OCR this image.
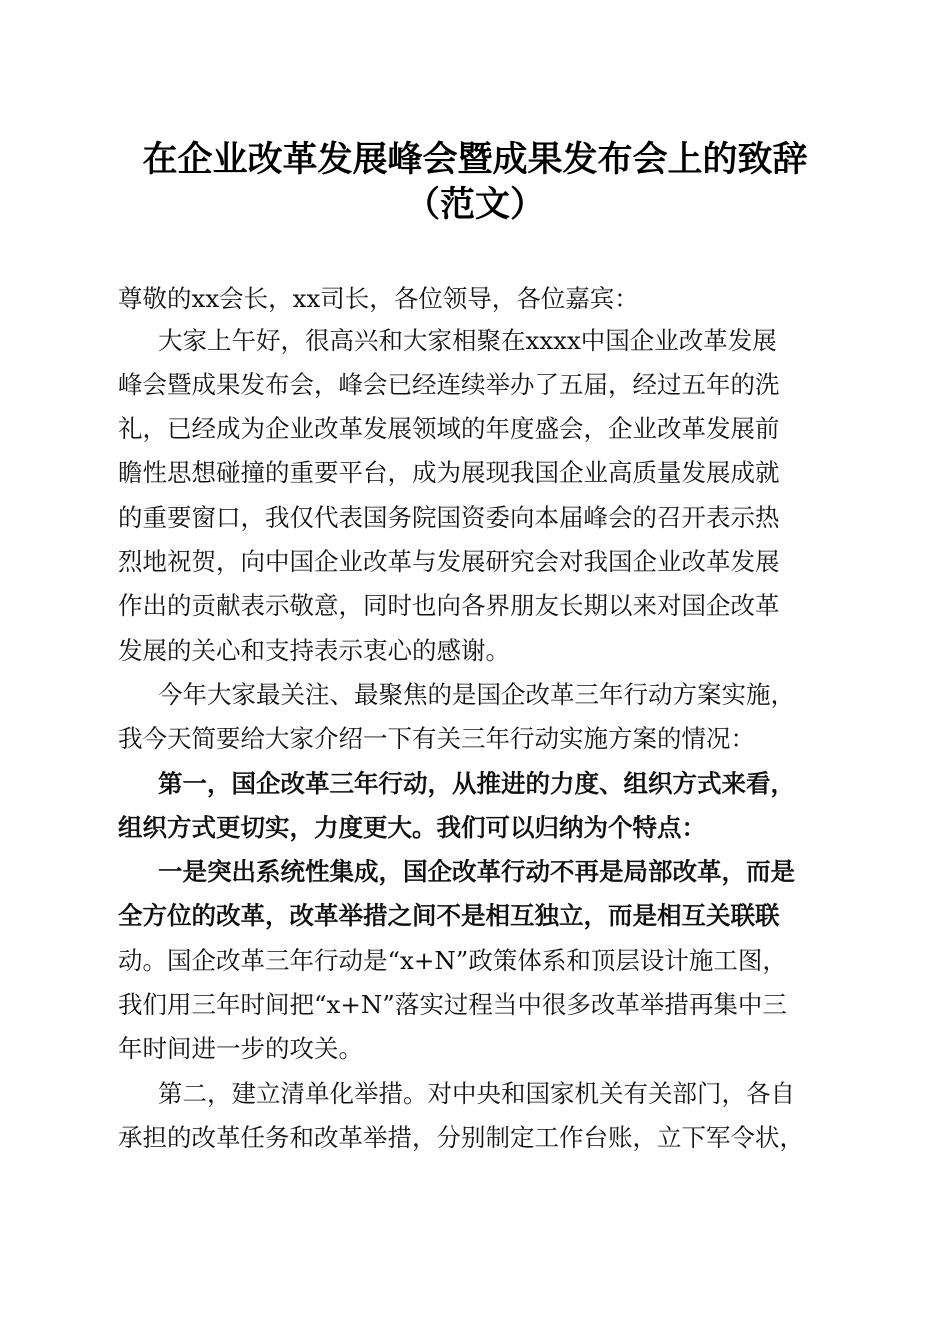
在企业改革发展峰会暨成果发布会上的致辞
（范文）
尊敬的xx会长，xx司长，各位领导，各位嘉宾：
大家上午好，很高兴和大家相聚在xxxx中国企业改革发展
峰会暨成果发布会，峰会已经连续举办了五届，经过五年的洗
礼，已经成为企业改革发展领域的年度盛会，企业改革发展前
瞻性思想碰撞的重要平台，成为展现我国企业高质量发展成就
的重要窗口，我仅代表国务院国资委向本届峰会的召开表示热
烈地祝贺，向中国企业改革与发展研究会对我国企业改革发展
作出的贡献表示敬意，同时也向各界朋友长期以来对国企改革
发展的关心和支持表示衷心的感谢。
今年大家最关注、最聚焦的是国企改革三年行动方案实施，
我今天简要给大家介绍一下有关三年行动实施方案的情况：
第一，国企改革三年行动，从推进的力度、组织方式来看，
组织方式更切实，力度更大。我们可以归纳为个特点：
一是突出系统性集成，国企改革行动不再是局部改革，而是
全方位的改革，改革举措之间不是相互独立，而是相互关联联
动。国企改革三年行动是“x+N”政策体系和顶层设计施工图，
我们用三年时间把“x+N”落实过程当中很多改革举措再集中三
年时间进一步的攻关。
第二，建立清单化举措。对中央和国家机关有关部门，各自
承担的改革任务和改革举措，分别制定工作台账，立下军令状，
